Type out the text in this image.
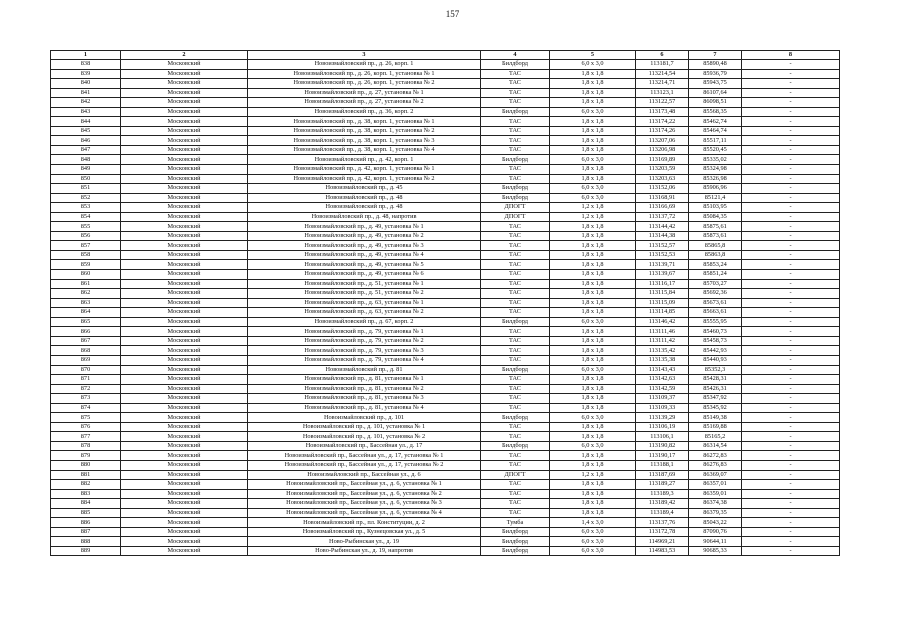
157
1	2	3	4	5	6	7	8
838	Московский	Новоизмайловский пр., д. 26, корп. 1	Билдборд	6,0 х 3,0	113181,7	85890,48	-
839	Московский	Новоизмайловский пр., д. 26, корп. 1, установка № 1	ТАС	1,8 х 1,8	113214,54	85936,79	-
840	Московский	Новоизмайловский пр., д. 26, корп. 1, установка № 2	ТАС	1,8 х 1,8	113214,71	85943,75	-
841	Московский	Новоизмайловский пр., д. 27, установка № 1	ТАС	1,8 х 1,8	113123,1	86107,64	-
842	Московский	Новоизмайловский пр., д. 27, установка № 2	ТАС	1,8 х 1,8	113122,57	86098,51	-
843	Московский	Новоизмайловский пр., д. 36, корп. 2	Билдборд	6,0 х 3,0	113173,48	85568,35	-
844	Московский	Новоизмайловский пр., д. 38, корп. 1, установка № 1	ТАС	1,8 х 1,8	113174,22	85462,74	-
845	Московский	Новоизмайловский пр., д. 38, корп. 1, установка № 2	ТАС	1,8 х 1,8	113174,26	85464,74	-
846	Московский	Новоизмайловский пр., д. 38, корп. 1, установка № 3	ТАС	1,8 х 1,8	113207,06	85517,11	-
847	Московский	Новоизмайловский пр., д. 38, корп. 1, установка № 4	ТАС	1,8 х 1,8	113206,98	85520,45	-
848	Московский	Новоизмайловский пр., д. 42, корп. 1	Билдборд	6,0 х 3,0	113169,89	85335,02	-
849	Московский	Новоизмайловский пр., д. 42, корп. 1, установка № 1	ТАС	1,8 х 1,8	113203,59	85324,98	-
850	Московский	Новоизмайловский пр., д. 42, корп. 1, установка № 2	ТАС	1,8 х 1,8	113203,63	85326,98	-
851	Московский	Новоизмайловский пр., д. 45	Билдборд	6,0 х 3,0	113152,06	85906,96	-
852	Московский	Новоизмайловский пр., д. 48	Билдборд	6,0 х 3,0	113168,91	85121,4	-
853	Московский	Новоизмайловский пр., д. 48	ДПОГТ	1,2 х 1,8	113166,69	85103,95	-
854	Московский	Новоизмайловский пр., д. 48, напротив	ДПОГТ	1,2 х 1,8	113137,72	85084,35	-
855	Московский	Новоизмайловский пр., д. 49, установка № 1	ТАС	1,8 х 1,8	113144,42	85875,61	-
856	Московский	Новоизмайловский пр., д. 49, установка № 2	ТАС	1,8 х 1,8	113144,38	85873,61	-
857	Московский	Новоизмайловский пр., д. 49, установка № 3	ТАС	1,8 х 1,8	113152,57	85865,8	-
858	Московский	Новоизмайловский пр., д. 49, установка № 4	ТАС	1,8 х 1,8	113152,53	85863,8	-
859	Московский	Новоизмайловский пр., д. 49, установка № 5	ТАС	1,8 х 1,8	113139,71	85853,24	-
860	Московский	Новоизмайловский пр., д. 49, установка № 6	ТАС	1,8 х 1,8	113139,67	85851,24	-
861	Московский	Новоизмайловский пр., д. 51, установка № 1	ТАС	1,8 х 1,8	113116,17	85703,27	-
862	Московский	Новоизмайловский пр., д. 51, установка № 2	ТАС	1,8 х 1,8	113115,84	85692,36	-
863	Московский	Новоизмайловский пр., д. 63, установка № 1	ТАС	1,8 х 1,8	113115,09	85673,61	-
864	Московский	Новоизмайловский пр., д. 63, установка № 2	ТАС	1,8 х 1,8	113114,85	85663,61	-
865	Московский	Новоизмайловский пр., д. 67, корп. 2	Билдборд	6,0 х 3,0	113146,42	85555,95	-
866	Московский	Новоизмайловский пр., д. 79, установка № 1	ТАС	1,8 х 1,8	113111,46	85460,73	-
867	Московский	Новоизмайловский пр., д. 79, установка № 2	ТАС	1,8 х 1,8	113111,42	85458,73	-
868	Московский	Новоизмайловский пр., д. 79, установка № 3	ТАС	1,8 х 1,8	113135,42	85442,93	-
869	Московский	Новоизмайловский пр., д. 79, установка № 4	ТАС	1,8 х 1,8	113135,38	85440,93	-
870	Московский	Новоизмайловский пр., д. 81	Билдборд	6,0 х 3,0	113143,43	85352,3	-
871	Московский	Новоизмайловский пр., д. 81, установка № 1	ТАС	1,8 х 1,8	113142,63	85428,31	-
872	Московский	Новоизмайловский пр., д. 81, установка № 2	ТАС	1,8 х 1,8	113142,59	85426,31	-
873	Московский	Новоизмайловский пр., д. 81, установка № 3	ТАС	1,8 х 1,8	113109,37	85347,92	-
874	Московский	Новоизмайловский пр., д. 81, установка № 4	ТАС	1,8 х 1,8	113109,33	85345,92	-
875	Московский	Новоизмайловский пр., д. 101	Билдборд	6,0 х 3,0	113139,29	85149,38	-
876	Московский	Новоизмайловский пр., д. 101, установка № 1	ТАС	1,8 х 1,8	113106,19	85169,88	-
877	Московский	Новоизмайловский пр., д. 101, установка № 2	ТАС	1,8 х 1,8	113106,1	85165,2	-
878	Московский	Новоизмайловский пр., Бассейная ул., д. 17	Билдборд	6,0 х 3,0	113190,82	86314,54	-
879	Московский	Новоизмайловский пр., Бассейная ул., д. 17, установка № 1	ТАС	1,8 х 1,8	113190,17	86272,83	-
880	Московский	Новоизмайловский пр., Бассейная ул., д. 17, установка № 2	ТАС	1,8 х 1,8	113188,1	86276,83	-
881	Московский	Новоизмайловский пр., Бассейная ул., д. 6	ДПОГТ	1,2 х 1,8	113187,69	86369,07	-
882	Московский	Новоизмайловский пр., Бассейная ул., д. 6, установка № 1	ТАС	1,8 х 1,8	113189,27	86357,01	-
883	Московский	Новоизмайловский пр., Бассейная ул., д. 6, установка № 2	ТАС	1,8 х 1,8	113189,3	86359,01	-
884	Московский	Новоизмайловский пр., Бассейная ул., д. 6, установка № 3	ТАС	1,8 х 1,8	113189,42	86374,38	-
885	Московский	Новоизмайловский пр., Бассейная ул., д. 6, установка № 4	ТАС	1,8 х 1,8	113189,4	86379,35	-
886	Московский	Новоизмайловский пр., пл. Конституции, д. 2	Тумба	1,4 х 3,0	113137,76	85043,22	-
887	Московский	Новоизмайловский пр., Кузнецовская ул., д. 5	Билдборд	6,0 х 3,0	113172,78	87090,76	-
888	Московский	Ново-Рыбинская ул., д. 19	Билдборд	6,0 х 3,0	114969,21	90644,11	-
889	Московский	Ново-Рыбинская ул., д. 19, напротив	Билдборд	6,0 х 3,0	114983,53	90685,33	-
